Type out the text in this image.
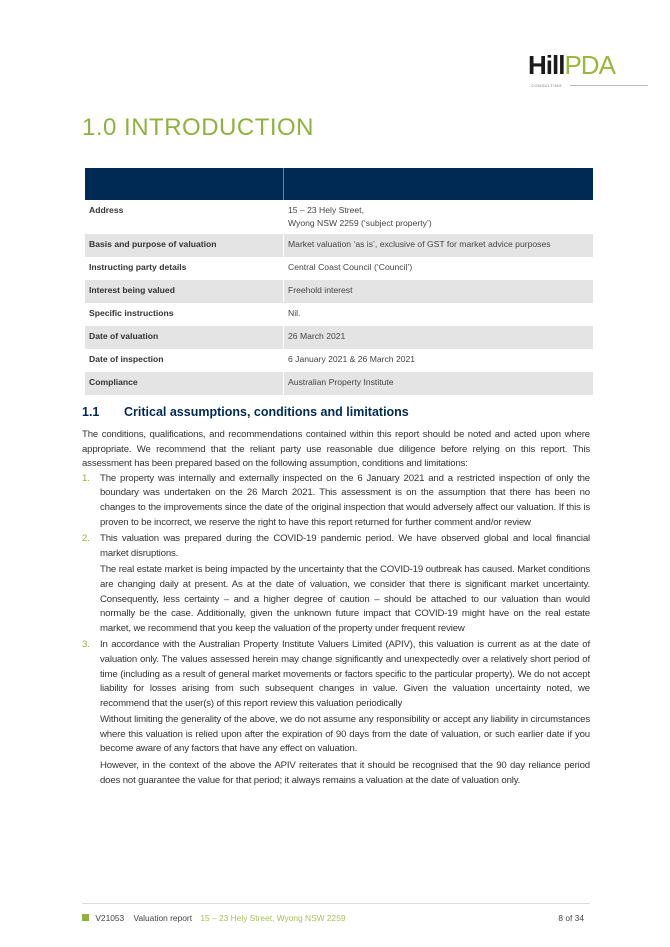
HillPDA
CONSULTING
1.0 INTRODUCTION

Address	15 – 23 Hely Street,
Wyong NSW 2259 (‘subject property’)

Basis and purpose of valuation	Market valuation ‘as is’, exclusive of GST for market advice purposes

Instructing party details	Central Coast Council (‘Council’)

Interest being valued	Freehold interest

Specific instructions	Nil.

Date of valuation	26 March 2021

Date of inspection	6 January 2021 & 26 March 2021

Compliance	Australian Property Institute
1.1 Critical assumptions, conditions and limitations

The conditions, qualifications, and recommendations contained within this report should be noted and acted upon where appropriate. We recommend that the reliant party use reasonable due diligence before relying on this report. This assessment has been prepared based on the following assumption, conditions and limitations:

1. The property was internally and externally inspected on the 6 January 2021 and a restricted inspection of only the boundary was undertaken on the 26 March 2021. This assessment is on the assumption that there has been no changes to the improvements since the date of the original inspection that would adversely affect our valuation. If this is proven to be incorrect, we reserve the right to have this report returned for further comment and/or review

2. This valuation was prepared during the COVID-19 pandemic period. We have observed global and local financial market disruptions.

The real estate market is being impacted by the uncertainty that the COVID-19 outbreak has caused. Market conditions are changing daily at present. As at the date of valuation, we consider that there is significant market uncertainty. Consequently, less certainty – and a higher degree of caution – should be attached to our valuation than would normally be the case. Additionally, given the unknown future impact that COVID-19 might have on the real estate market, we recommend that you keep the valuation of the property under frequent review

3. In accordance with the Australian Property Institute Valuers Limited (APIV), this valuation is current as at the date of valuation only. The values assessed herein may change significantly and unexpectedly over a relatively short period of time (including as a result of general market movements or factors specific to the particular property). We do not accept liability for losses arising from such subsequent changes in value. Given the valuation uncertainty noted, we recommend that the user(s) of this report review this valuation periodically

Without limiting the generality of the above, we do not assume any responsibility or accept any liability in circumstances where this valuation is relied upon after the expiration of 90 days from the date of valuation, or such earlier date if you become aware of any factors that have any effect on valuation.

However, in the context of the above the APIV reiterates that it should be recognised that the 90 day reliance period does not guarantee the value for that period; it always remains a valuation at the date of valuation only.

V21053 Valuation report 15 – 23 Hely Street, Wyong NSW 2259	8 of 34
